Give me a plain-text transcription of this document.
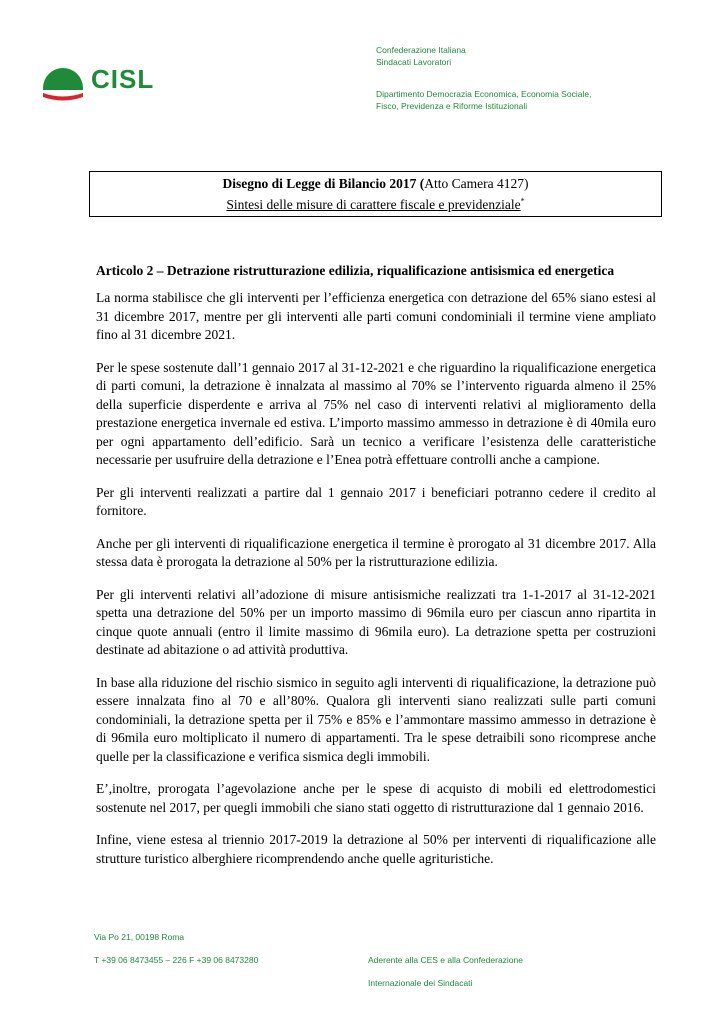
CISL
Confederazione Italiana
Sindacati Lavoratori
Dipartimento Democrazia Economica, Economia Sociale,
Fisco, Previdenza e Riforme Istituzionali
Disegno di Legge di Bilancio 2017 (Atto Camera 4127)
Sintesi delle misure di carattere fiscale e previdenziale*
Articolo 2 – Detrazione ristrutturazione edilizia, riqualificazione antisismica ed energetica

La norma stabilisce che gli interventi per l’efficienza energetica con detrazione del 65% siano estesi al 31 dicembre 2017, mentre per gli interventi alle parti comuni condominiali il termine viene ampliato fino al 31 dicembre 2021.

Per le spese sostenute dall’1 gennaio 2017 al 31-12-2021 e che riguardino la riqualificazione energetica di parti comuni, la detrazione è innalzata al massimo al 70% se l’intervento riguarda almeno il 25% della superficie disperdente e arriva al 75% nel caso di interventi relativi al miglioramento della prestazione energetica invernale ed estiva. L’importo massimo ammesso in detrazione è di 40mila euro per ogni appartamento dell’edificio. Sarà un tecnico a verificare l’esistenza delle caratteristiche necessarie per usufruire della detrazione e l’Enea potrà effettuare controlli anche a campione.

Per gli interventi realizzati a partire dal 1 gennaio 2017 i beneficiari potranno cedere il credito al fornitore.

Anche per gli interventi di riqualificazione energetica il termine è prorogato al 31 dicembre 2017. Alla stessa data è prorogata la detrazione al 50% per la ristrutturazione edilizia.

Per gli interventi relativi all’adozione di misure antisismiche realizzati tra 1-1-2017 al 31-12-2021 spetta una detrazione del 50% per un importo massimo di 96mila euro per ciascun anno ripartita in cinque quote annuali (entro il limite massimo di 96mila euro). La detrazione spetta per costruzioni destinate ad abitazione o ad attività produttiva.

In base alla riduzione del rischio sismico in seguito agli interventi di riqualificazione, la detrazione può essere innalzata fino al 70 e all’80%. Qualora gli interventi siano realizzati sulle parti comuni condominiali, la detrazione spetta per il 75% e 85% e l’ammontare massimo ammesso in detrazione è di 96mila euro moltiplicato il numero di appartamenti. Tra le spese detraibili sono ricomprese anche quelle per la classificazione e verifica sismica degli immobili.

E’,inoltre, prorogata l’agevolazione anche per le spese di acquisto di mobili ed elettrodomestici sostenute nel 2017, per quegli immobili che siano stati oggetto di ristrutturazione dal 1 gennaio 2016.

Infine, viene estesa al triennio 2017-2019 la detrazione al 50% per interventi di riqualificazione alle strutture turistico alberghiere ricomprendendo anche quelle agrituristiche.

Via Po 21, 00198 Roma
T +39 06 8473455 – 226 F +39 06 8473280	Aderente alla CES e alla Confederazione
Internazionale dei Sindacati
